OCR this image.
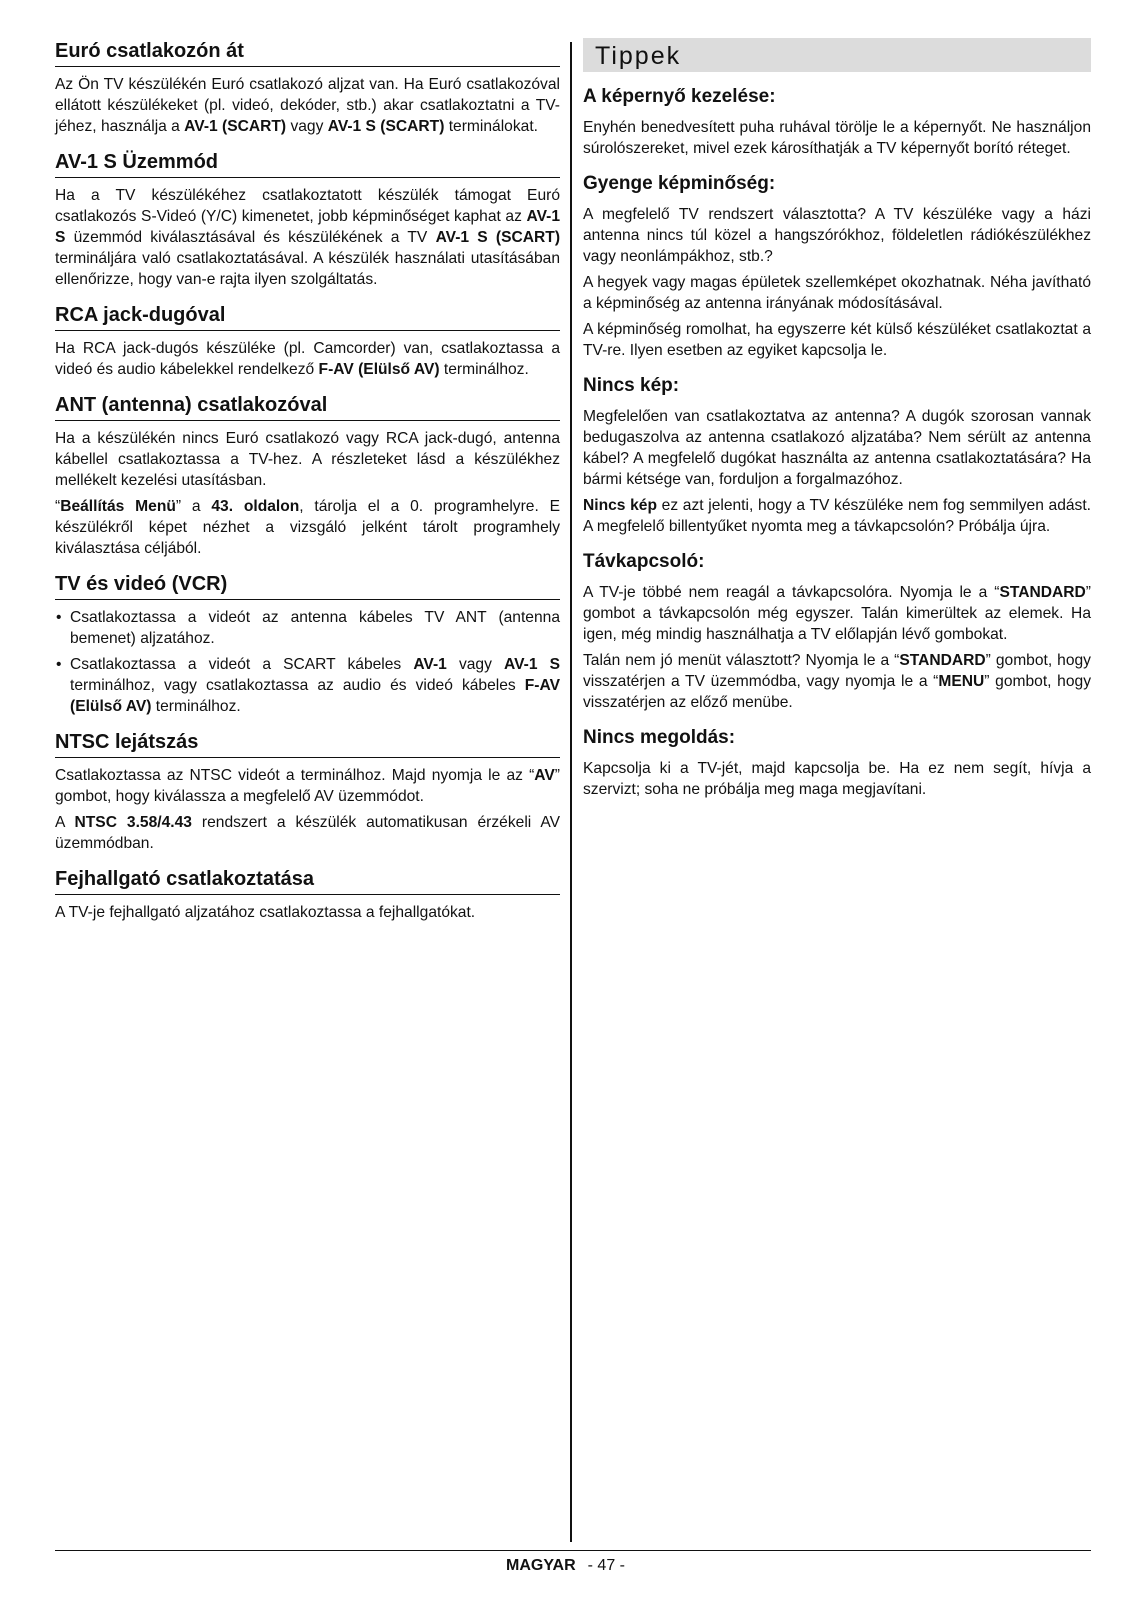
Euró csatlakozón át

Az Ön TV készülékén Euró csatlakozó aljzat van. Ha Euró csatlakozóval ellátott készülékeket (pl. videó, dekóder, stb.) akar csatlakoztatni a TV-jéhez, használja a AV-1 (SCART) vagy AV-1 S (SCART) terminálokat.

AV-1 S Üzemmód

Ha a TV készülékéhez csatlakoztatott készülék támogat Euró csatlakozós S-Videó (Y/C) kimenetet, jobb képminőséget kaphat az AV-1 S üzemmód kiválasztásával és készülékének a TV AV-1 S (SCART) termináljára való csatlakoztatásával. A készülék használati utasításában ellenőrizze, hogy van-e rajta ilyen szolgáltatás.

RCA jack-dugóval

Ha RCA jack-dugós készüléke (pl. Camcorder) van, csatlakoztassa a videó és audio kábelekkel rendelkező F-AV (Elülső AV) terminálhoz.

ANT (antenna) csatlakozóval

Ha a készülékén nincs Euró csatlakozó vagy RCA jack-dugó, antenna kábellel csatlakoztassa a TV-hez. A részleteket lásd a készülékhez mellékelt kezelési utasításban.

“Beállítás Menü” a 43. oldalon, tárolja el a 0. programhelyre. E készülékről képet nézhet a vizsgáló jelként tárolt programhely kiválasztása céljából.

TV és videó (VCR)
• Csatlakoztassa a videót az antenna kábeles TV ANT (antenna bemenet) aljzatához.
• Csatlakoztassa a videót a SCART kábeles AV-1 vagy AV-1 S terminálhoz, vagy csatlakoztassa az audio és videó kábeles F-AV (Elülső AV) terminálhoz.
NTSC lejátszás

Csatlakoztassa az NTSC videót a terminálhoz. Majd nyomja le az “AV” gombot, hogy kiválassza a megfelelő AV üzemmódot.

A NTSC 3.58/4.43 rendszert a készülék automatikusan érzékeli AV üzemmódban.

Fejhallgató csatlakoztatása

A TV-je fejhallgató aljzatához csatlakoztassa a fejhallgatókat.

Tippek
A képernyő kezelése:

Enyhén benedvesített puha ruhával törölje le a képernyőt. Ne használjon súrolószereket, mivel ezek károsíthatják a TV képernyőt borító réteget.

Gyenge képminőség:

A megfelelő TV rendszert választotta? A TV készüléke vagy a házi antenna nincs túl közel a hangszórókhoz, földeletlen rádiókészülékhez vagy neonlámpákhoz, stb.?

A hegyek vagy magas épületek szellemképet okozhatnak. Néha javítható a képminőség az antenna irányának módosításával.

A képminőség romolhat, ha egyszerre két külső készüléket csatlakoztat a TV-re. Ilyen esetben az egyiket kapcsolja le.

Nincs kép:

Megfelelően van csatlakoztatva az antenna? A dugók szorosan vannak bedugaszolva az antenna csatlakozó aljzatába? Nem sérült az antenna kábel? A megfelelő dugókat használta az antenna csatlakoztatására? Ha bármi kétsége van, forduljon a forgalmazóhoz.

Nincs kép ez azt jelenti, hogy a TV készüléke nem fog semmilyen adást. A megfelelő billentyűket nyomta meg a távkapcsolón? Próbálja újra.

Távkapcsoló:

A TV-je többé nem reagál a távkapcsolóra. Nyomja le a “STANDARD” gombot a távkapcsolón még egyszer. Talán kimerültek az elemek. Ha igen, még mindig használhatja a TV előlapján lévő gombokat.

Talán nem jó menüt választott? Nyomja le a “STANDARD” gombot, hogy visszatérjen a TV üzemmódba, vagy nyomja le a “MENU” gombot, hogy visszatérjen az előző menübe.

Nincs megoldás:

Kapcsolja ki a TV-jét, majd kapcsolja be. Ha ez nem segít, hívja a szervizt; soha ne próbálja meg maga megjavítani.

MAGYAR - 47 -
